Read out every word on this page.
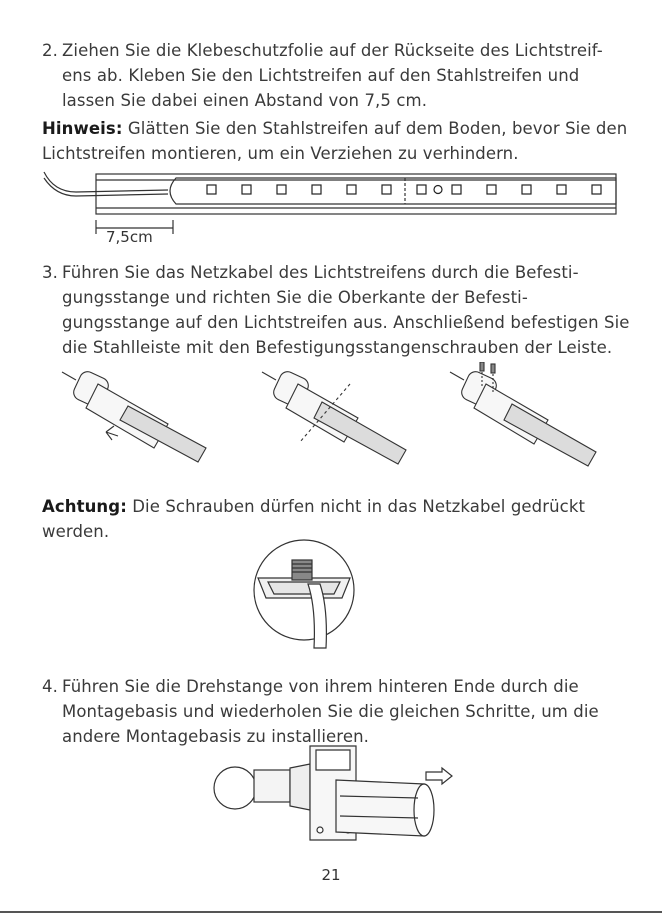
2. Ziehen Sie die Klebeschutzfolie auf der Rückseite des Lichtstreif-ens ab. Kleben Sie den Lichtstreifen auf den Stahlstreifen und lassen Sie dabei einen Abstand von 7,5 cm.
Hinweis: Glätten Sie den Stahlstreifen auf dem Boden, bevor Sie den Lichtstreifen montieren, um ein Verziehen zu verhindern.
7,5cm
3. Führen Sie das Netzkabel des Lichtstreifens durch die Befesti-gungsstange und richten Sie die Oberkante der Befesti-gungsstange auf den Lichtstreifen aus. Anschließend befestigen Sie die Stahlleiste mit den Befestigungsstangenschrauben der Leiste.
Achtung: Die Schrauben dürfen nicht in das Netzkabel gedrückt werden.
4. Führen Sie die Drehstange von ihrem hinteren Ende durch die Montagebasis und wiederholen Sie die gleichen Schritte, um die andere Montagebasis zu installieren.
21
